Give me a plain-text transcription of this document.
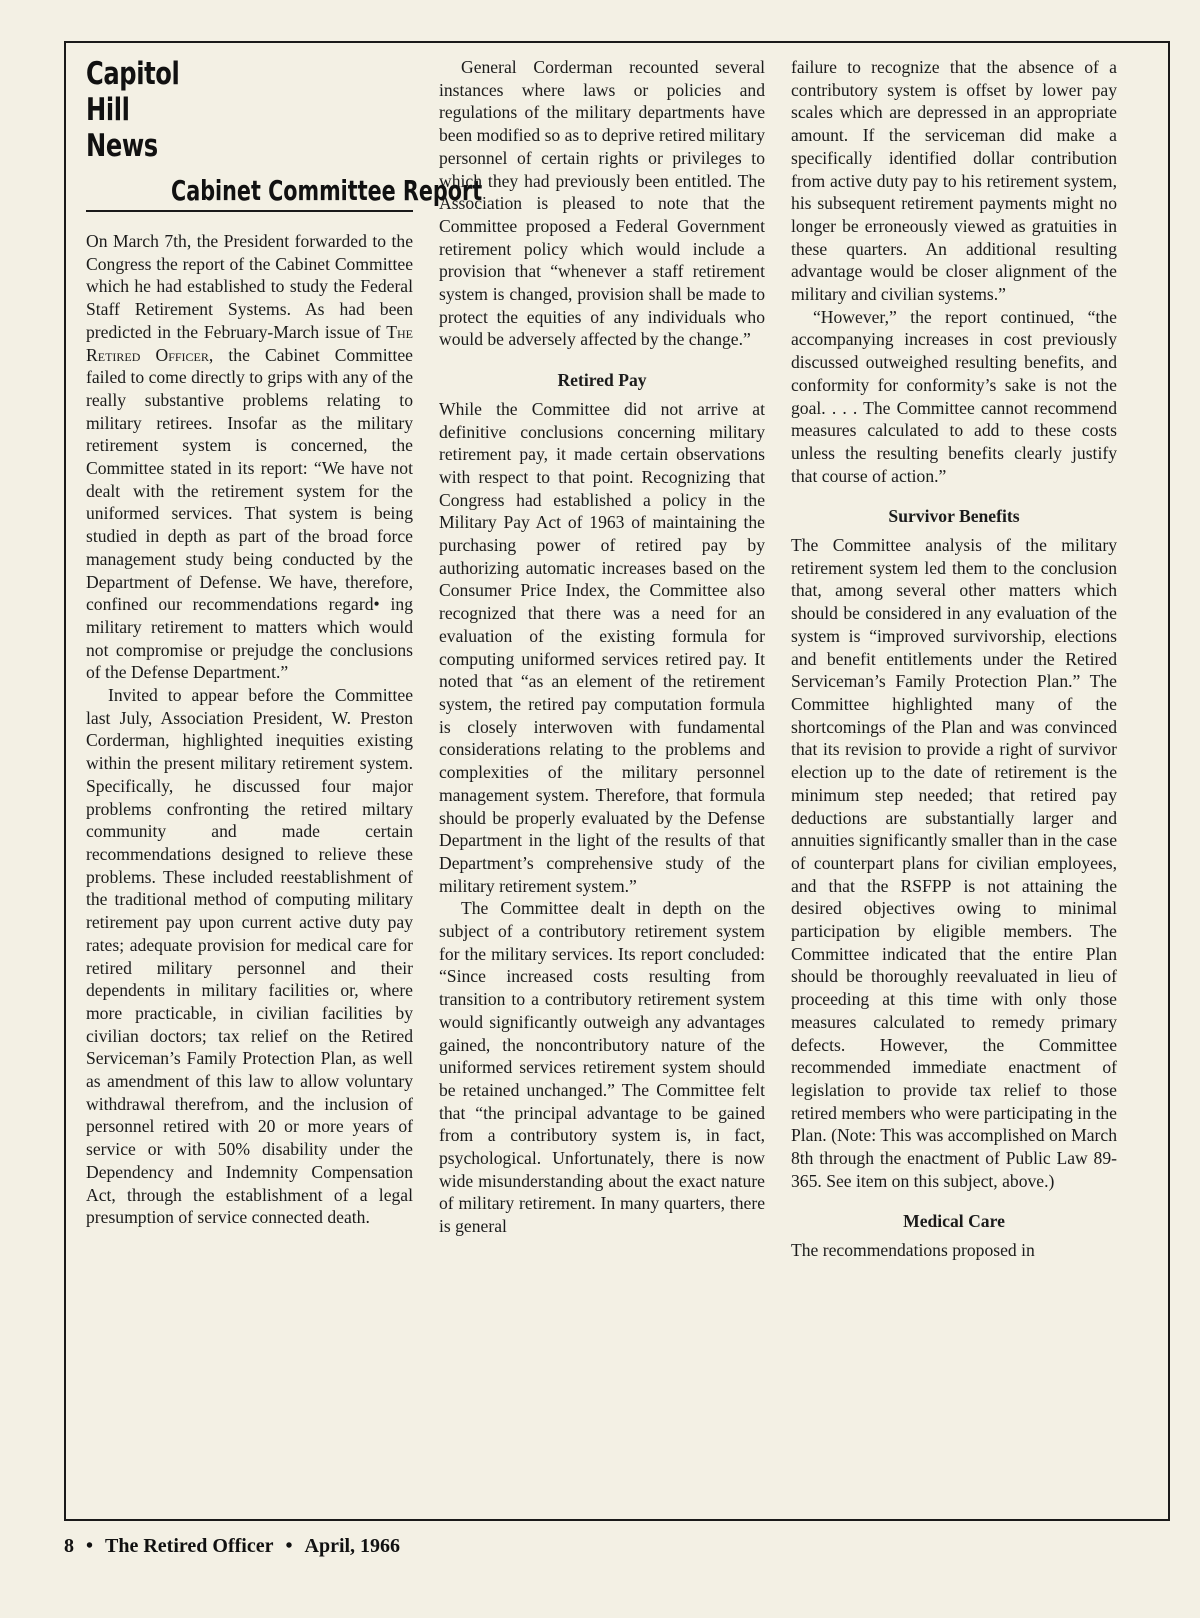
Capitol
Hill
News
Cabinet Committee Report

On March 7th, the President forwarded to the Congress the report of the Cabinet Committee which he had established to study the Federal Staff Retirement Systems. As had been predicted in the February-March issue of The Retired Officer, the Cabinet Committee failed to come directly to grips with any of the really substantive problems relating to military retirees. Insofar as the military retirement system is concerned, the Committee stated in its report: “We have not dealt with the retirement system for the uniformed services. That system is being studied in depth as part of the broad force management study being conducted by the Department of Defense. We have, therefore, confined our recommendations regard• ing military retirement to matters which would not compromise or prejudge the conclusions of the Defense Department.”

Invited to appear before the Committee last July, Association President, W. Preston Corderman, highlighted inequities existing within the present military retirement system. Specifically, he discussed four major problems confronting the retired miltary community and made certain recommendations designed to relieve these problems. These included reestablishment of the traditional method of computing military retirement pay upon current active duty pay rates; adequate provision for medical care for retired military personnel and their dependents in military facilities or, where more practicable, in civilian facilities by civilian doctors; tax relief on the Retired Serviceman’s Family Protection Plan, as well as amendment of this law to allow voluntary withdrawal therefrom, and the inclusion of personnel retired with 20 or more years of service or with 50% disability under the Dependency and Indemnity Compensation Act, through the establishment of a legal presumption of service connected death.

General Corderman recounted several instances where laws or policies and regulations of the military departments have been modified so as to deprive retired military personnel of certain rights or privileges to which they had previously been entitled. The Association is pleased to note that the Committee proposed a Federal Government retirement policy which would include a provision that “whenever a staff retirement system is changed, provision shall be made to protect the equities of any individuals who would be adversely affected by the change.”

Retired Pay

While the Committee did not arrive at definitive conclusions concerning military retirement pay, it made certain observations with respect to that point. Recognizing that Congress had established a policy in the Military Pay Act of 1963 of maintaining the purchasing power of retired pay by authorizing automatic increases based on the Consumer Price Index, the Committee also recognized that there was a need for an evaluation of the existing formula for computing uniformed services retired pay. It noted that “as an element of the retirement system, the retired pay computation formula is closely interwoven with fundamental considerations relating to the problems and complexities of the military personnel management system. Therefore, that formula should be properly evaluated by the Defense Department in the light of the results of that Department’s comprehensive study of the military retirement system.”

The Committee dealt in depth on the subject of a contributory retirement system for the military services. Its report concluded: “Since increased costs resulting from transition to a contributory retirement system would significantly outweigh any advantages gained, the noncontributory nature of the uniformed services retirement system should be retained unchanged.” The Committee felt that “the principal advantage to be gained from a contributory system is, in fact, psychological. Unfortunately, there is now wide misunderstanding about the exact nature of military retirement. In many quarters, there is general

failure to recognize that the absence of a contributory system is offset by lower pay scales which are depressed in an appropriate amount. If the serviceman did make a specifically identified dollar contribution from active duty pay to his retirement system, his subsequent retirement payments might no longer be erroneously viewed as gratuities in these quarters. An additional resulting advantage would be closer alignment of the military and civilian systems.”

“However,” the report continued, “the accompanying increases in cost previously discussed outweighed resulting benefits, and conformity for conformity’s sake is not the goal. . . . The Committee cannot recommend measures calculated to add to these costs unless the resulting benefits clearly justify that course of action.”

Survivor Benefits

The Committee analysis of the military retirement system led them to the conclusion that, among several other matters which should be considered in any evaluation of the system is “improved survivorship, elections and benefit entitlements under the Retired Serviceman’s Family Protection Plan.” The Committee highlighted many of the shortcomings of the Plan and was convinced that its revision to provide a right of survivor election up to the date of retirement is the minimum step needed; that retired pay deductions are substantially larger and annuities significantly smaller than in the case of counterpart plans for civilian employees, and that the RSFPP is not attaining the desired objectives owing to minimal participation by eligible members. The Committee indicated that the entire Plan should be thoroughly reevaluated in lieu of proceeding at this time with only those measures calculated to remedy primary defects. However, the Committee recommended immediate enactment of legislation to provide tax relief to those retired members who were participating in the Plan. (Note: This was accomplished on March 8th through the enactment of Public Law 89-365. See item on this subject, above.)

Medical Care

The recommendations proposed in

8 • The Retired Officer • April, 1966
